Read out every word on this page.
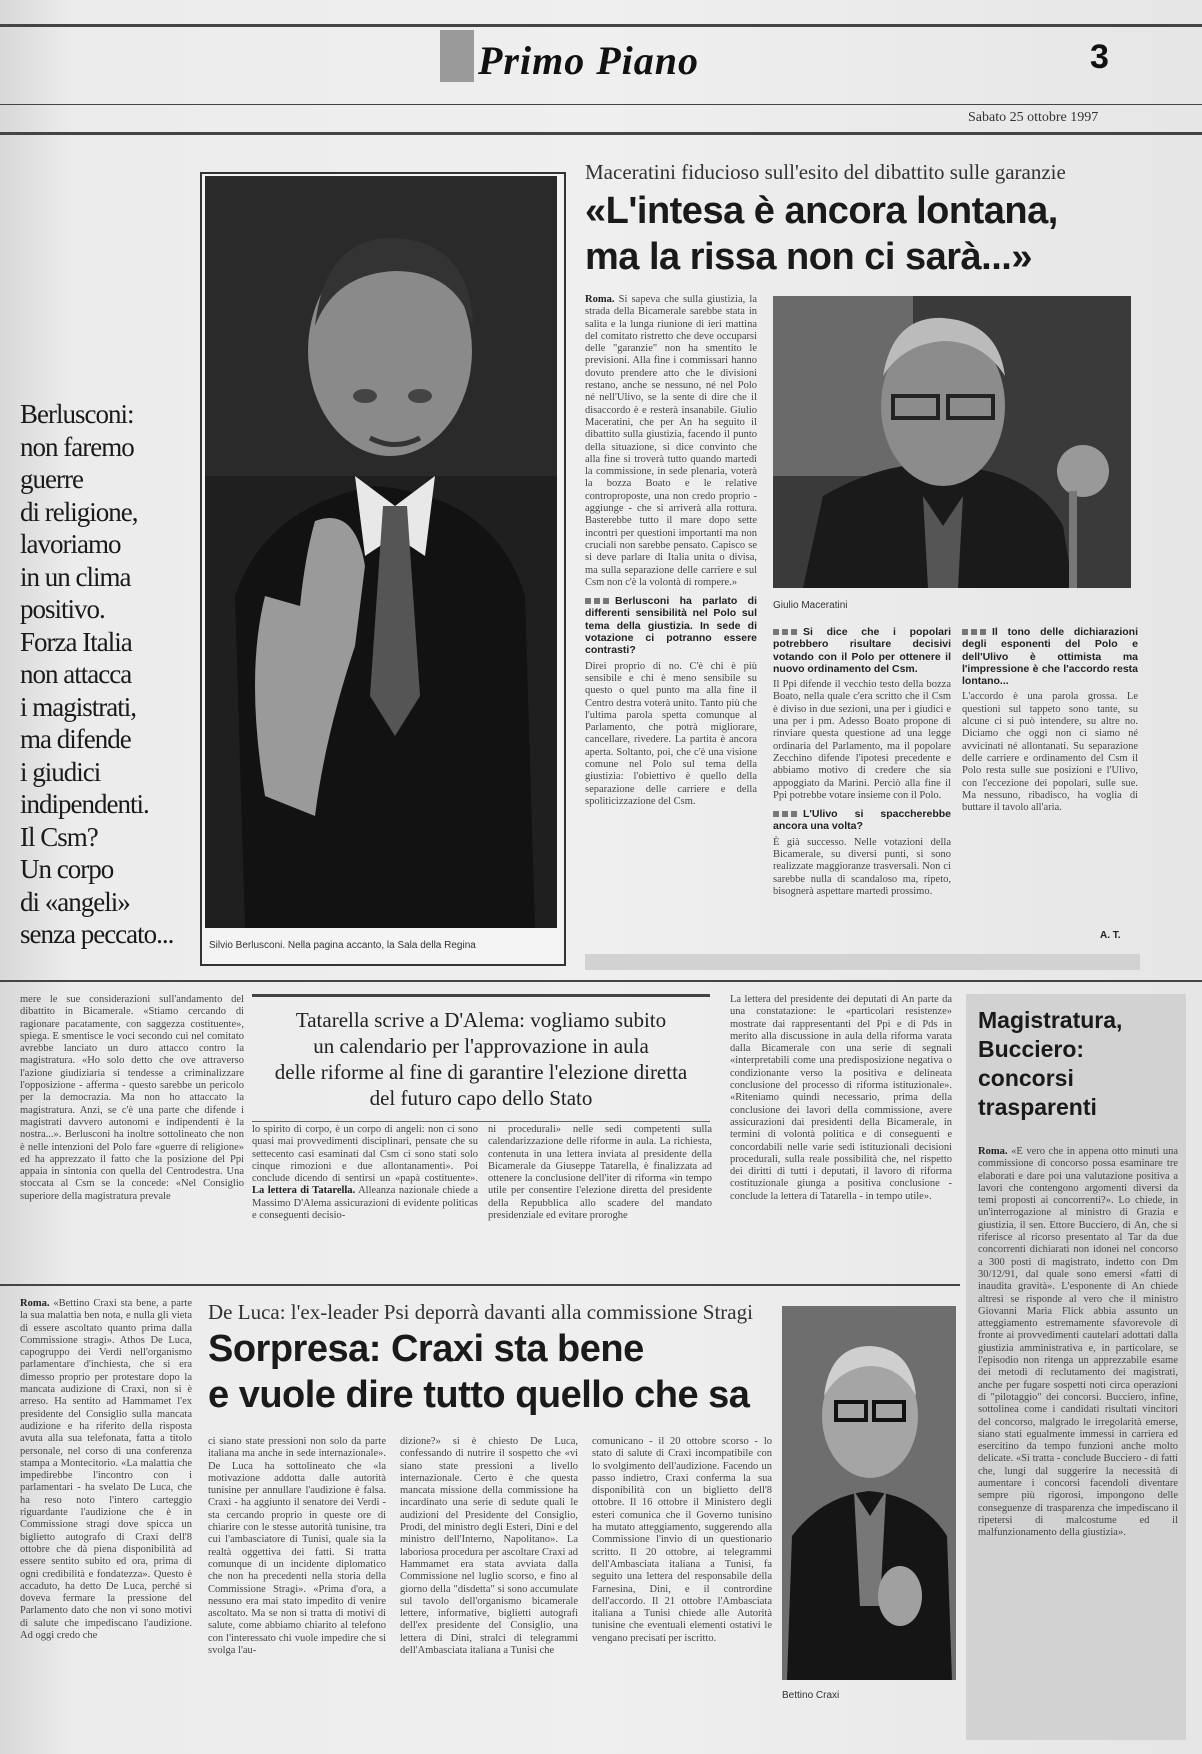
Primo Piano	3
Sabato 25 ottobre 1997
Berlusconi:
non faremo
guerre
di religione,
lavoriamo
in un clima
positivo.
Forza Italia
non attacca
i magistrati,
ma difende
i giudici
indipendenti.
Il Csm?
Un corpo
di «angeli»
senza peccato...	Silvio Berlusconi. Nella pagina accanto, la Sala della Regina
Maceratini fiducioso sull'esito del dibattito sulle garanzie
«L'intesa è ancora lontana,
ma la rissa non ci sarà...»
Roma. Si sapeva che sulla giustizia, la strada della Bicamerale sarebbe stata in salita e la lunga riunione di ieri mattina del comitato ristretto che deve occuparsi delle "garanzie" non ha smentito le previsioni. Alla fine i commissari hanno dovuto prendere atto che le divisioni restano, anche se nessuno, né nel Polo né nell'Ulivo, se la sente di dire che il disaccordo è e resterà insanabile. Giulio Maceratini, che per An ha seguito il dibattito sulla giustizia, facendo il punto della situazione, si dice convinto che alla fine si troverà tutto quando martedì la commissione, in sede plenaria, voterà la bozza Boato e le relative controproposte, una non credo proprio - aggiunge - che si arriverà alla rottura. Basterebbe tutto il mare dopo sette incontri per questioni importanti ma non cruciali non sarebbe pensato. Capisco se si deve parlare di Italia unita o divisa, ma sulla separazione delle carriere e sul Csm non c'è la volontà di rompere.»
Berlusconi ha parlato di differenti sensibilità nel Polo sul tema della giustizia. In sede di votazione ci potranno essere contrasti?
Direi proprio di no. C'è chi è più sensibile e chi è meno sensibile su questo o quel punto ma alla fine il Centro destra voterà unito. Tanto più che l'ultima parola spetta comunque al Parlamento, che potrà migliorare, cancellare, rivedere. La partita è ancora aperta. Soltanto, poi, che c'è una visione comune nel Polo sul tema della giustizia: l'obiettivo è quello della separazione delle carriere e della spoliticizzazione del Csm.
Giulio Maceratini
Si dice che i popolari potrebbero risultare decisivi votando con il Polo per ottenere il nuovo ordinamento del Csm.
Il Ppi difende il vecchio testo della bozza Boato, nella quale c'era scritto che il Csm è diviso in due sezioni, una per i giudici e una per i pm. Adesso Boato propone di rinviare questa questione ad una legge ordinaria del Parlamento, ma il popolare Zecchino difende l'ipotesi precedente e abbiamo motivo di credere che sia appoggiato da Marini. Perciò alla fine il Ppi potrebbe votare insieme con il Polo.
L'Ulivo si spaccherebbe ancora una volta?
È già successo. Nelle votazioni della Bicamerale, su diversi punti, si sono realizzate maggioranze trasversali. Non ci sarebbe nulla di scandaloso ma, ripeto, bisognerà aspettare martedì prossimo.
Il tono delle dichiarazioni degli esponenti del Polo e dell'Ulivo è ottimista ma l'impressione è che l'accordo resta lontano...
L'accordo è una parola grossa. Le questioni sul tappeto sono tante, su alcune ci si può intendere, su altre no. Diciamo che oggi non ci siamo né avvicinati né allontanati. Su separazione delle carriere e ordinamento del Csm il Polo resta sulle sue posizioni e l'Ulivo, con l'eccezione dei popolari, sulle sue. Ma nessuno, ribadisco, ha voglia di buttare il tavolo all'aria.
A. T.
mere le sue considerazioni sull'andamento del dibattito in Bicamerale. «Stiamo cercando di ragionare pacatamente, con saggezza costituente», spiega. E smentisce le voci secondo cui nel comitato avrebbe lanciato un duro attacco contro la magistratura. «Ho solo detto che ove attraverso l'azione giudiziaria si tendesse a criminalizzare l'opposizione - afferma - questo sarebbe un pericolo per la democrazia. Ma non ho attaccato la magistratura. Anzi, se c'è una parte che difende i magistrati davvero autonomi e indipendenti è la nostra...». Berlusconi ha inoltre sottolineato che non è nelle intenzioni del Polo fare «guerre di religione» ed ha apprezzato il fatto che la posizione del Ppi appaia in sintonia con quella del Centrodestra. Una stoccata al Csm se la concede: «Nel Consiglio superiore della magistratura prevale
Tatarella scrive a D'Alema: vogliamo subito
un calendario per l'approvazione in aula
delle riforme al fine di garantire l'elezione diretta
del futuro capo dello Stato
lo spirito di corpo, è un corpo di angeli: non ci sono quasi mai provvedimenti disciplinari, pensate che su settecento casi esaminati dal Csm ci sono stati solo cinque rimozioni e due allontanamenti». Poi conclude dicendo di sentirsi un «papà costituente». La lettera di Tatarella. Alleanza nazionale chiede a Massimo D'Alema assicurazioni di evidente politicas e conseguenti decisio-
ni procedurali» nelle sedi competenti sulla calendarizzazione delle riforme in aula. La richiesta, contenuta in una lettera inviata al presidente della Bicamerale da Giuseppe Tatarella, è finalizzata ad ottenere la conclusione dell'iter di riforma «in tempo utile per consentire l'elezione diretta del presidente della Repubblica allo scadere del mandato presidenziale ed evitare proroghe
La lettera del presidente dei deputati di An parte da una constatazione: le «particolari resistenze» mostrate dai rappresentanti del Ppi e di Pds in merito alla discussione in aula della riforma varata dalla Bicamerale con una serie di segnali «interpretabili come una predisposizione negativa o condizionante verso la positiva e delineata conclusione del processo di riforma istituzionale». «Riteniamo quindi necessario, prima della conclusione dei lavori della commissione, avere assicurazioni dai presidenti della Bicamerale, in termini di volontà politica e di conseguenti e concordabili nelle varie sedi istituzionali decisioni procedurali, sulla reale possibilità che, nel rispetto dei diritti di tutti i deputati, il lavoro di riforma costituzionale giunga a positiva conclusione - conclude la lettera di Tatarella - in tempo utile».
Magistratura,
Bucciero:
concorsi
trasparenti
Roma. «È vero che in appena otto minuti una commissione di concorso possa esaminare tre elaborati e dare poi una valutazione positiva a lavori che contengono argomenti diversi da temi proposti ai concorrenti?». Lo chiede, in un'interrogazione al ministro di Grazia e giustizia, il sen. Ettore Bucciero, di An, che si riferisce al ricorso presentato al Tar da due concorrenti dichiarati non idonei nel concorso a 300 posti di magistrato, indetto con Dm 30/12/91, dal quale sono emersi «fatti di inaudita gravità». L'esponente di An chiede altresì se risponde al vero che il ministro Giovanni Maria Flick abbia assunto un atteggiamento estremamente sfavorevole di fronte ai provvedimenti cautelari adottati dalla giustizia amministrativa e, in particolare, se l'episodio non ritenga un apprezzabile esame dei metodi di reclutamento dei magistrati, anche per fugare sospetti noti circa operazioni di "pilotaggio" dei concorsi. Bucciero, infine, sottolinea come i candidati risultati vincitori del concorso, malgrado le irregolarità emerse, siano stati egualmente immessi in carriera ed esercitino da tempo funzioni anche molto delicate. «Si tratta - conclude Bucciero - di fatti che, lungi dal suggerire la necessità di aumentare i concorsi facendoli diventare sempre più rigorosi, impongono delle conseguenze di trasparenza che impediscano il ripetersi di malcostume ed il malfunzionamento della giustizia».
Roma. «Bettino Craxi sta bene, a parte la sua malattia ben nota, e nulla gli vieta di essere ascoltato quanto prima dalla Commissione stragi». Athos De Luca, capogruppo dei Verdi nell'organismo parlamentare d'inchiesta, che si era dimesso proprio per protestare dopo la mancata audizione di Craxi, non si è arreso. Ha sentito ad Hammamet l'ex presidente del Consiglio sulla mancata audizione e ha riferito della risposta avuta alla sua telefonata, fatta a titolo personale, nel corso di una conferenza stampa a Montecitorio. «La malattia che impedirebbe l'incontro con i parlamentari - ha svelato De Luca, che ha reso noto l'intero carteggio riguardante l'audizione che è in Commissione stragi dove spicca un biglietto autografo di Craxi dell'8 ottobre che dà piena disponibilità ad essere sentito subito ed ora, prima di ogni credibilità e fondatezza». Questo è accaduto, ha detto De Luca, perché si doveva fermare la pressione del Parlamento dato che non vi sono motivi di salute che impediscano l'audizione. Ad oggi credo che
De Luca: l'ex-leader Psi deporrà davanti alla commissione Stragi
Sorpresa: Craxi sta bene
e vuole dire tutto quello che sa
ci siano state pressioni non solo da parte italiana ma anche in sede internazionale». De Luca ha sottolineato che «la motivazione addotta dalle autorità tunisine per annullare l'audizione è falsa. Craxi - ha aggiunto il senatore dei Verdi - sta cercando proprio in queste ore di chiarire con le stesse autorità tunisine, tra cui l'ambasciatore di Tunisi, quale sia la realtà oggettiva dei fatti. Si tratta comunque di un incidente diplomatico che non ha precedenti nella storia della Commissione Stragi». «Prima d'ora, a nessuno era mai stato impedito di venire ascoltato. Ma se non si tratta di motivi di salute, come abbiamo chiarito al telefono con l'interessato chi vuole impedire che si svolga l'au-
dizione?» si è chiesto De Luca, confessando di nutrire il sospetto che «vi siano state pressioni a livello internazionale. Certo è che questa mancata missione della commissione ha incardinato una serie di sedute quali le audizioni del Presidente del Consiglio, Prodi, del ministro degli Esteri, Dini e del ministro dell'Interno, Napolitano». La laboriosa procedura per ascoltare Craxi ad Hammamet era stata avviata dalla Commissione nel luglio scorso, e fino al giorno della "disdetta" si sono accumulate sul tavolo dell'organismo bicamerale lettere, informative, biglietti autografi dell'ex presidente del Consiglio, una lettera di Dini, stralci di telegrammi dell'Ambasciata italiana a Tunisi che
comunicano - il 20 ottobre scorso - lo stato di salute di Craxi incompatibile con lo svolgimento dell'audizione. Facendo un passo indietro, Craxi conferma la sua disponibilità con un biglietto dell'8 ottobre. Il 16 ottobre il Ministero degli esteri comunica che il Governo tunisino ha mutato atteggiamento, suggerendo alla Commissione l'invio di un questionario scritto. Il 20 ottobre, ai telegrammi dell'Ambasciata italiana a Tunisi, fa seguito una lettera del responsabile della Farnesina, Dini, e il contrordine dell'accordo. Il 21 ottobre l'Ambasciata italiana a Tunisi chiede alle Autorità tunisine che eventuali elementi ostativi le vengano precisati per iscritto.
Bettino Craxi
